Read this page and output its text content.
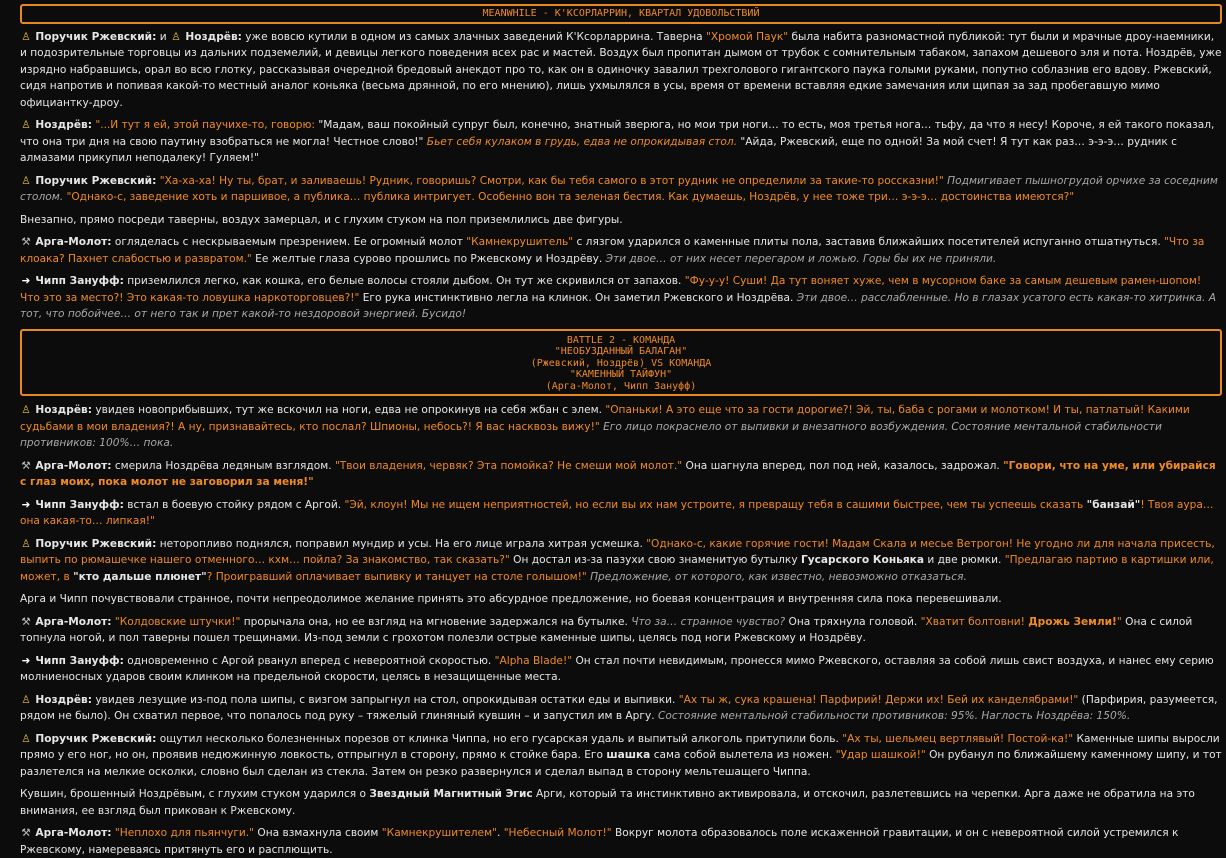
MEANWHILE - К'КСОРЛАРРИН, КВАРТАЛ УДОВОЛЬСТВИЙ

♙ Поручик Ржевский: и ♙ Ноздрёв: уже вовсю кутили в одном из самых злачных заведений К'Ксорларрина. Таверна "Хромой Паук" была набита разномастной публикой: тут были и мрачные дроу-наемники, и подозрительные торговцы из дальних подземелий, и девицы легкого поведения всех рас и мастей. Воздух был пропитан дымом от трубок с сомнительным табаком, запахом дешевого эля и пота. Ноздрёв, уже изрядно набравшись, орал во всю глотку, рассказывая очередной бредовый анекдот про то, как он в одиночку завалил трехголового гигантского паука голыми руками, попутно соблазнив его вдову. Ржевский, сидя напротив и попивая какой-то местный аналог коньяка (весьма дрянной, по его мнению), лишь ухмылялся в усы, время от времени вставляя едкие замечания или щипая за зад пробегавшую мимо официантку-дроу.

♙ Ноздрёв: "...И тут я ей, этой паучихе-то, говорю: "Мадам, ваш покойный супруг был, конечно, знатный зверюга, но мои три ноги… то есть, моя третья нога… тьфу, да что я несу! Короче, я ей такого показал, что она три дня на свою паутину взобраться не могла! Честное слово!" Бьет себя кулаком в грудь, едва не опрокидывая стол. "Айда, Ржевский, еще по одной! За мой счет! Я тут как раз… э-э-э… рудник с алмазами прикупил неподалеку! Гуляем!"

♙ Поручик Ржевский: "Ха-ха-ха! Ну ты, брат, и заливаешь! Рудник, говоришь? Смотри, как бы тебя самого в этот рудник не определили за такие-то россказни!" Подмигивает пышногрудой орчихе за соседним столом. "Однако-с, заведение хоть и паршивое, а публика… публика интригует. Особенно вон та зеленая бестия. Как думаешь, Ноздрёв, у нее тоже три… э-э-э… достоинства имеются?"

Внезапно, прямо посреди таверны, воздух замерцал, и с глухим стуком на пол приземлились две фигуры.

⚒ Арга-Молот: огляделась с нескрываемым презрением. Ее огромный молот "Камнекрушитель" с лязгом ударился о каменные плиты пола, заставив ближайших посетителей испуганно отшатнуться. "Что за клоака? Пахнет слабостью и развратом." Ее желтые глаза сурово прошлись по Ржевскому и Ноздрёву. Эти двое… от них несет перегаром и ложью. Горы бы их не приняли.

➜ Чипп Зануфф: приземлился легко, как кошка, его белые волосы стояли дыбом. Он тут же скривился от запахов. "Фу-у-у! Суши! Да тут воняет хуже, чем в мусорном баке за самым дешевым рамен-шопом! Что это за место?! Это какая-то ловушка наркоторговцев?!" Его рука инстинктивно легла на клинок. Он заметил Ржевского и Ноздрёва. Эти двое… расслабленные. Но в глазах усатого есть какая-то хитринка. А тот, что побойчее… от него так и прет какой-то нездоровой энергией. Бусидо!

BATTLE 2 - КОМАНДА
"НЕОБУЗДАННЫЙ БАЛАГАН"
(Ржевский, Ноздрёв) VS КОМАНДА
"КАМЕННЫЙ ТАЙФУН"
(Арга-Молот, Чипп Зануфф)

♙ Ноздрёв: увидев новоприбывших, тут же вскочил на ноги, едва не опрокинув на себя жбан с элем. "Опаньки! А это еще что за гости дорогие?! Эй, ты, баба с рогами и молотком! И ты, патлатый! Какими судьбами в мои владения?! А ну, признавайтесь, кто послал? Шпионы, небось?! Я вас насквозь вижу!" Его лицо покраснело от выпивки и внезапного возбуждения. Состояние ментальной стабильности противников: 100%… пока.

⚒ Арга-Молот: смерила Ноздрёва ледяным взглядом. "Твои владения, червяк? Эта помойка? Не смеши мой молот." Она шагнула вперед, пол под ней, казалось, задрожал. "Говори, что на уме, или убирайся с глаз моих, пока молот не заговорил за меня!"

➜ Чипп Зануфф: встал в боевую стойку рядом с Аргой. "Эй, клоун! Мы не ищем неприятностей, но если вы их нам устроите, я превращу тебя в сашими быстрее, чем ты успеешь сказать "банзай"! Твоя аура… она какая-то… липкая!"

♙ Поручик Ржевский: неторопливо поднялся, поправил мундир и усы. На его лице играла хитрая усмешка. "Однако-с, какие горячие гости! Мадам Скала и месье Ветрогон! Не угодно ли для начала присесть, выпить по рюмашечке нашего отменного… кхм… пойла? За знакомство, так сказать?" Он достал из-за пазухи свою знаменитую бутылку Гусарского Коньяка и две рюмки. "Предлагаю партию в картишки или, может, в "кто дальше плюнет"? Проигравший оплачивает выпивку и танцует на столе голышом!" Предложение, от которого, как известно, невозможно отказаться.

Арга и Чипп почувствовали странное, почти непреодолимое желание принять это абсурдное предложение, но боевая концентрация и внутренняя сила пока перевешивали.

⚒ Арга-Молот: "Колдовские штучки!" прорычала она, но ее взгляд на мгновение задержался на бутылке. Что за… странное чувство? Она тряхнула головой. "Хватит болтовни! Дрожь Земли!" Она с силой топнула ногой, и пол таверны пошел трещинами. Из-под земли с грохотом полезли острые каменные шипы, целясь под ноги Ржевскому и Ноздрёву.

➜ Чипп Зануфф: одновременно с Аргой рванул вперед с невероятной скоростью. "Alpha Blade!" Он стал почти невидимым, пронесся мимо Ржевского, оставляя за собой лишь свист воздуха, и нанес ему серию молниеносных ударов своим клинком на предельной скорости, целясь в незащищенные места.

♙ Ноздрёв: увидев лезущие из-под пола шипы, с визгом запрыгнул на стол, опрокидывая остатки еды и выпивки. "Ах ты ж, сука крашена! Парфирий! Держи их! Бей их канделябрами!" (Парфирия, разумеется, рядом не было). Он схватил первое, что попалось под руку – тяжелый глиняный кувшин – и запустил им в Аргу. Состояние ментальной стабильности противников: 95%. Наглость Ноздрёва: 150%.

♙ Поручик Ржевский: ощутил несколько болезненных порезов от клинка Чиппа, но его гусарская удаль и выпитый алкоголь притупили боль. "Ах ты, шельмец вертлявый! Постой-ка!" Каменные шипы выросли прямо у его ног, но он, проявив недюжинную ловкость, отпрыгнул в сторону, прямо к стойке бара. Его шашка сама собой вылетела из ножен. "Удар шашкой!" Он рубанул по ближайшему каменному шипу, и тот разлетелся на мелкие осколки, словно был сделан из стекла. Затем он резко развернулся и сделал выпад в сторону мельтешащего Чиппа.

Кувшин, брошенный Ноздрёвым, с глухим стуком ударился о Звездный Магнитный Эгис Арги, который та инстинктивно активировала, и отскочил, разлетевшись на черепки. Арга даже не обратила на это внимания, ее взгляд был прикован к Ржевскому.

⚒ Арга-Молот: "Неплохо для пьянчуги." Она взмахнула своим "Камнекрушителем". "Небесный Молот!" Вокруг молота образовалось поле искаженной гравитации, и он с невероятной силой устремился к Ржевскому, намереваясь притянуть его и расплющить.
